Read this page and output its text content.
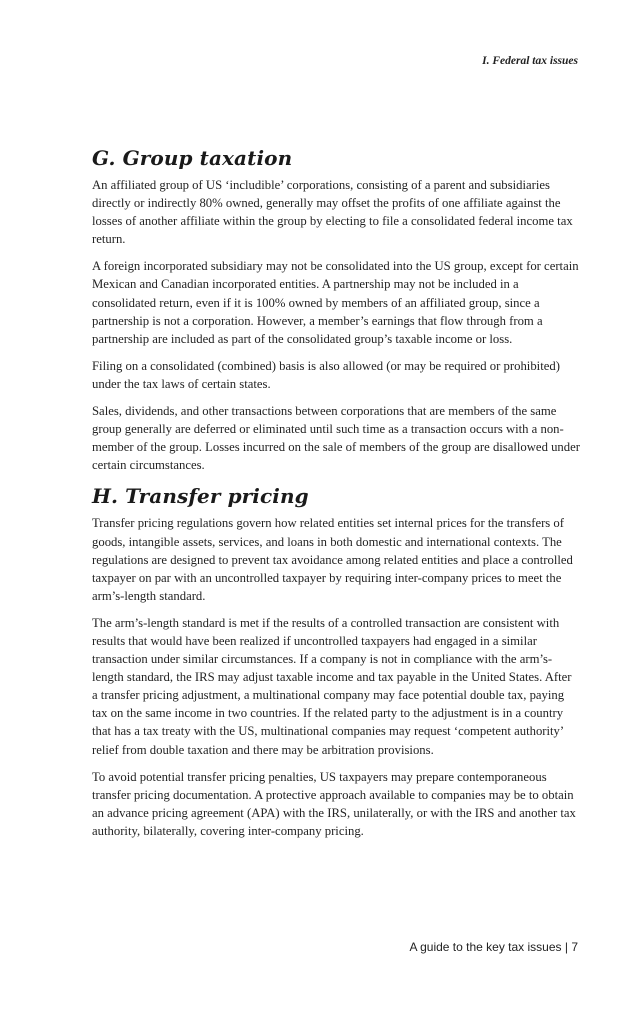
I. Federal tax issues
G. Group taxation

An affiliated group of US ‘includible’ corporations, consisting of a parent and subsidiaries directly or indirectly 80% owned, generally may offset the profits of one affiliate against the losses of another affiliate within the group by electing to file a consolidated federal income tax return.

A foreign incorporated subsidiary may not be consolidated into the US group, except for certain Mexican and Canadian incorporated entities. A partnership may not be included in a consolidated return, even if it is 100% owned by members of an affiliated group, since a partnership is not a corporation. However, a member’s earnings that flow through from a partnership are included as part of the consolidated group’s taxable income or loss.

Filing on a consolidated (combined) basis is also allowed (or may be required or prohibited) under the tax laws of certain states.

Sales, dividends, and other transactions between corporations that are members of the same group generally are deferred or eliminated until such time as a transaction occurs with a non-member of the group. Losses incurred on the sale of members of the group are disallowed under certain circumstances.

H. Transfer pricing

Transfer pricing regulations govern how related entities set internal prices for the transfers of goods, intangible assets, services, and loans in both domestic and international contexts. The regulations are designed to prevent tax avoidance among related entities and place a controlled taxpayer on par with an uncontrolled taxpayer by requiring inter-company prices to meet the arm’s-length standard.

The arm’s-length standard is met if the results of a controlled transaction are consistent with results that would have been realized if uncontrolled taxpayers had engaged in a similar transaction under similar circumstances. If a company is not in compliance with the arm’s-length standard, the IRS may adjust taxable income and tax payable in the United States. After a transfer pricing adjustment, a multinational company may face potential double tax, paying tax on the same income in two countries. If the related party to the adjustment is in a country that has a tax treaty with the US, multinational companies may request ‘competent authority’ relief from double taxation and there may be arbitration provisions.

To avoid potential transfer pricing penalties, US taxpayers may prepare contemporaneous transfer pricing documentation. A protective approach available to companies may be to obtain an advance pricing agreement (APA) with the IRS, unilaterally, or with the IRS and another tax authority, bilaterally, covering inter-company pricing.

A guide to the key tax issues | 7
